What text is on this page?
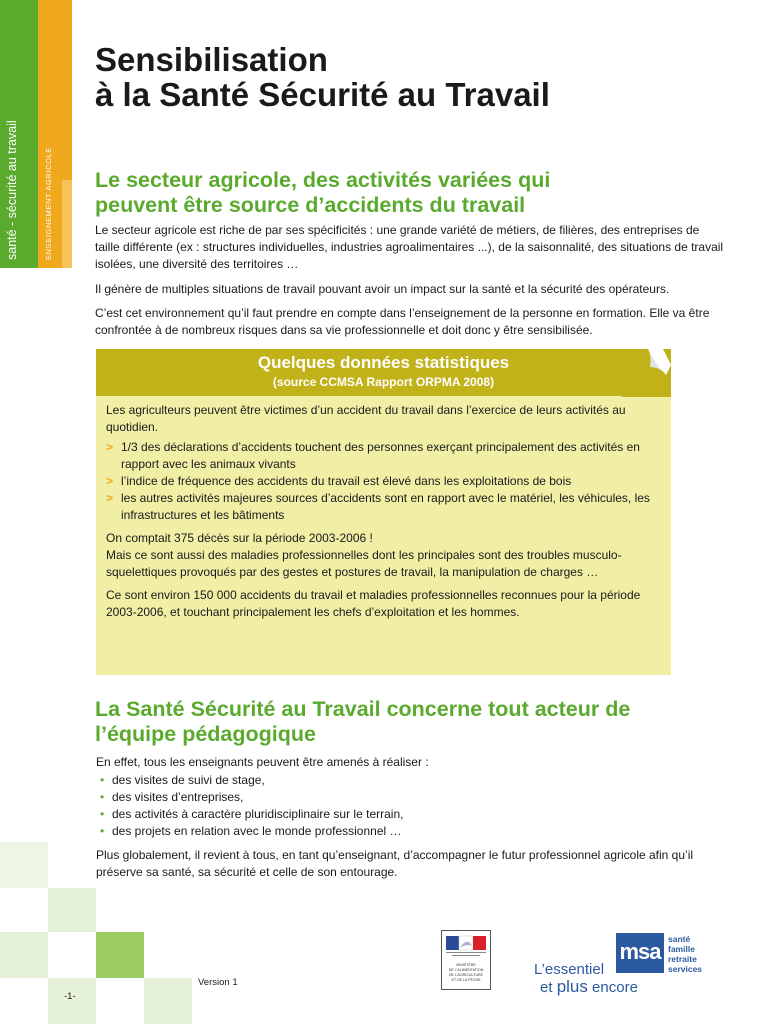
santé - sécurité au travail	ENSEIGNEMENT AGRICOLE
Sensibilisation
à la Santé Sécurité au Travail
Le secteur agricole, des activités variées qui
peuvent être source d’accidents du travail
Le secteur agricole est riche de par ses spécificités : une grande variété de métiers, de filières, des entreprises de taille différente (ex : structures individuelles, industries agroalimentaires ...), de la saisonnalité, des situations de travail isolées, une diversité des territoires …
Il génère de multiples situations de travail pouvant avoir un impact sur la santé et la sécurité des opérateurs.
C’est cet environnement qu’il faut prendre en compte dans l’enseignement de la personne en formation. Elle va être confrontée à de nombreux risques dans sa vie professionnelle et doit donc y être sensibilisée.
Quelques données statistiques
(source CCMSA Rapport ORPMA 2008)

Les agriculteurs peuvent être victimes d’un accident du travail dans l’exercice de leurs activités au quotidien.

> 1/3 des déclarations d’accidents touchent des personnes exerçant principalement des activités en rapport avec les animaux vivants
> l’indice de fréquence des accidents du travail est élevé dans les exploitations de bois
> les autres activités majeures sources d’accidents sont en rapport avec le matériel, les véhicules, les infrastructures et les bâtiments

On comptait 375 décès sur la période 2003-2006 !

Mais ce sont aussi des maladies professionnelles dont les principales sont des troubles musculo-squelettiques provoqués par des gestes et postures de travail, la manipulation de charges …

Ce sont environ 150 000 accidents du travail et maladies professionnelles reconnues pour la période 2003-2006, et touchant principalement les chefs d’exploitation et les hommes.

La Santé Sécurité au Travail concerne tout acteur de
l’équipe pédagogique
En effet, tous les enseignants peuvent être amenés à réaliser :
• des visites de suivi de stage,
• des visites d’entreprises,
• des activités à caractère pluridisciplinaire sur le terrain,
• des projets en relation avec le monde professionnel …
Plus globalement, il revient à tous, en tant qu’enseignant, d’accompagner le futur professionnel agricole afin qu’il préserve sa santé, sa sécurité et celle de son entourage.
-1-
Version 1
MINISTÈRE
DE L’ALIMENTATION
DE L’AGRICULTURE
ET DE LA PÊCHE
msa santé
famille
retraite
services
L’essentiel
et plus encore
